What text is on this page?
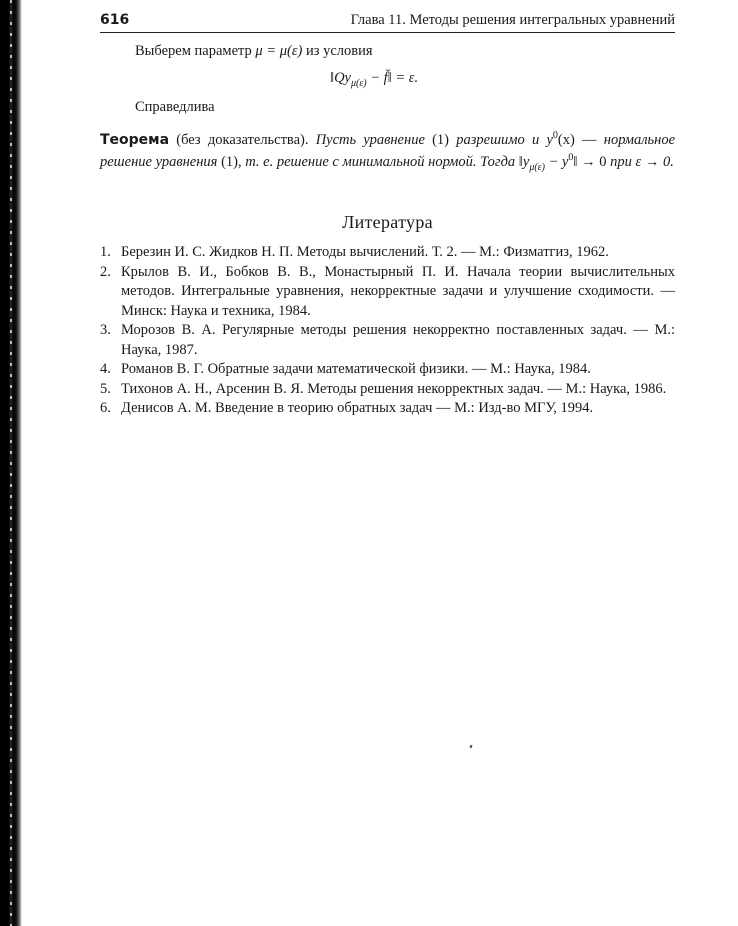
616	Глава 11. Методы решения интегральных уравнений
Выберем параметр μ = μ(ε) из условия
$‖Qy_{\mu(\varepsilon)}$ − f̄‖ = ε.
Справедлива
Теорема (без доказательства). Пусть уравнение (1) разрешимо и $y^0(x)$ — нормальное решение уравнения (1), т. е. решение с минимальной нормой. Тогда $‖y_{\mu(\varepsilon)}$ − $y^0‖ \to 0$ при ε → 0.
Литература
1. Березин И. С. Жидков Н. П. Методы вычислений. Т. 2. — М.: Физматгиз, 1962.
2. Крылов В. И., Бобков В. В., Монастырный П. И. Начала теории вычислительных методов. Интегральные уравнения, некорректные задачи и улучшение сходимости. — Минск: Наука и техника, 1984.
3. Морозов В. А. Регулярные методы решения некорректно поставленных задач. — М.: Наука, 1987.
4. Романов В. Г. Обратные задачи математической физики. — М.: Наука, 1984.
5. Тихонов А. Н., Арсенин В. Я. Методы решения некорректных задач. — М.: Наука, 1986.
6. Денисов А. М. Введение в теорию обратных задач — М.: Изд-во МГУ, 1994.
